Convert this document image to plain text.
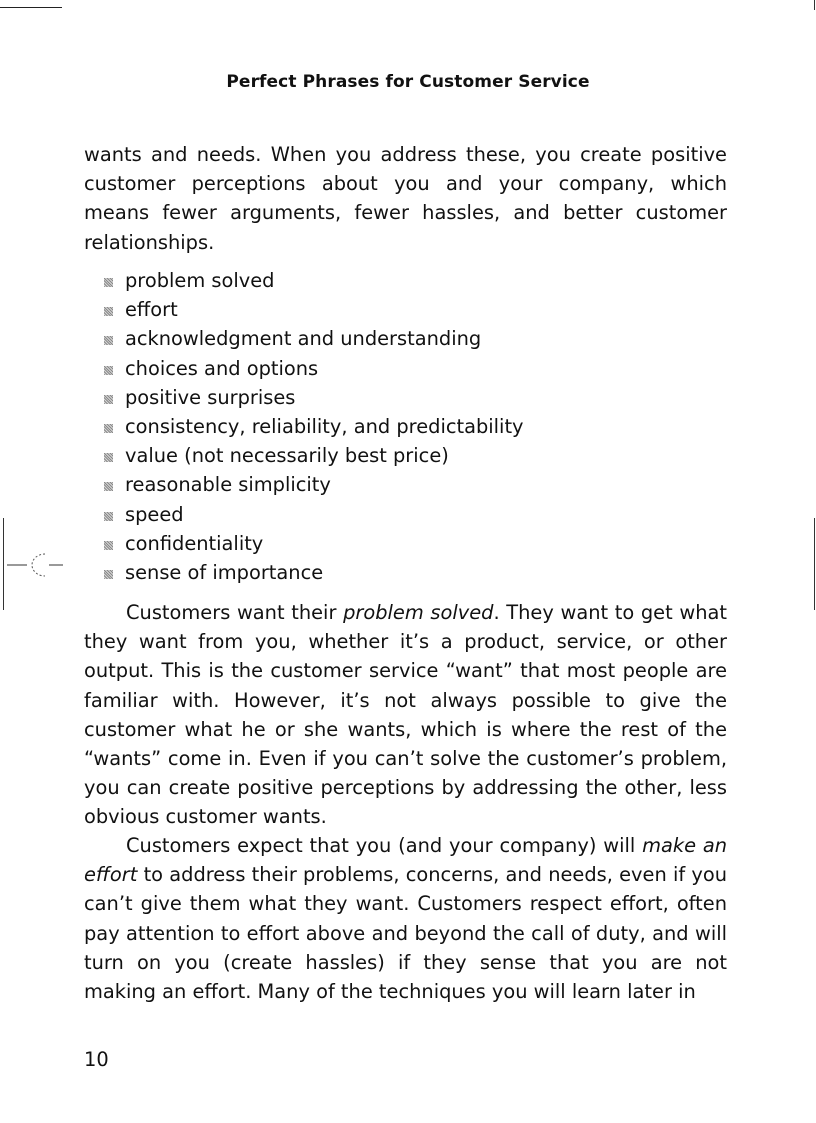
Perfect Phrases for Customer Service

wants and needs. When you address these, you create positive customer perceptions about you and your company, which means fewer arguments, fewer hassles, and better customer relationships.

problem solved
effort
acknowledgment and understanding
choices and options
positive surprises
consistency, reliability, and predictability
value (not necessarily best price)
reasonable simplicity
speed
confidentiality
sense of importance

Customers want their problem solved. They want to get what they want from you, whether it’s a product, service, or other output. This is the customer service “want” that most people are familiar with. However, it’s not always possible to give the customer what he or she wants, which is where the rest of the “wants” come in. Even if you can’t solve the customer’s problem, you can create positive perceptions by addressing the other, less obvious customer wants.

Customers expect that you (and your company) will make an effort to address their problems, concerns, and needs, even if you can’t give them what they want. Customers respect effort, often pay attention to effort above and beyond the call of duty, and will turn on you (create hassles) if they sense that you are not making an effort. Many of the techniques you will learn later in

10
